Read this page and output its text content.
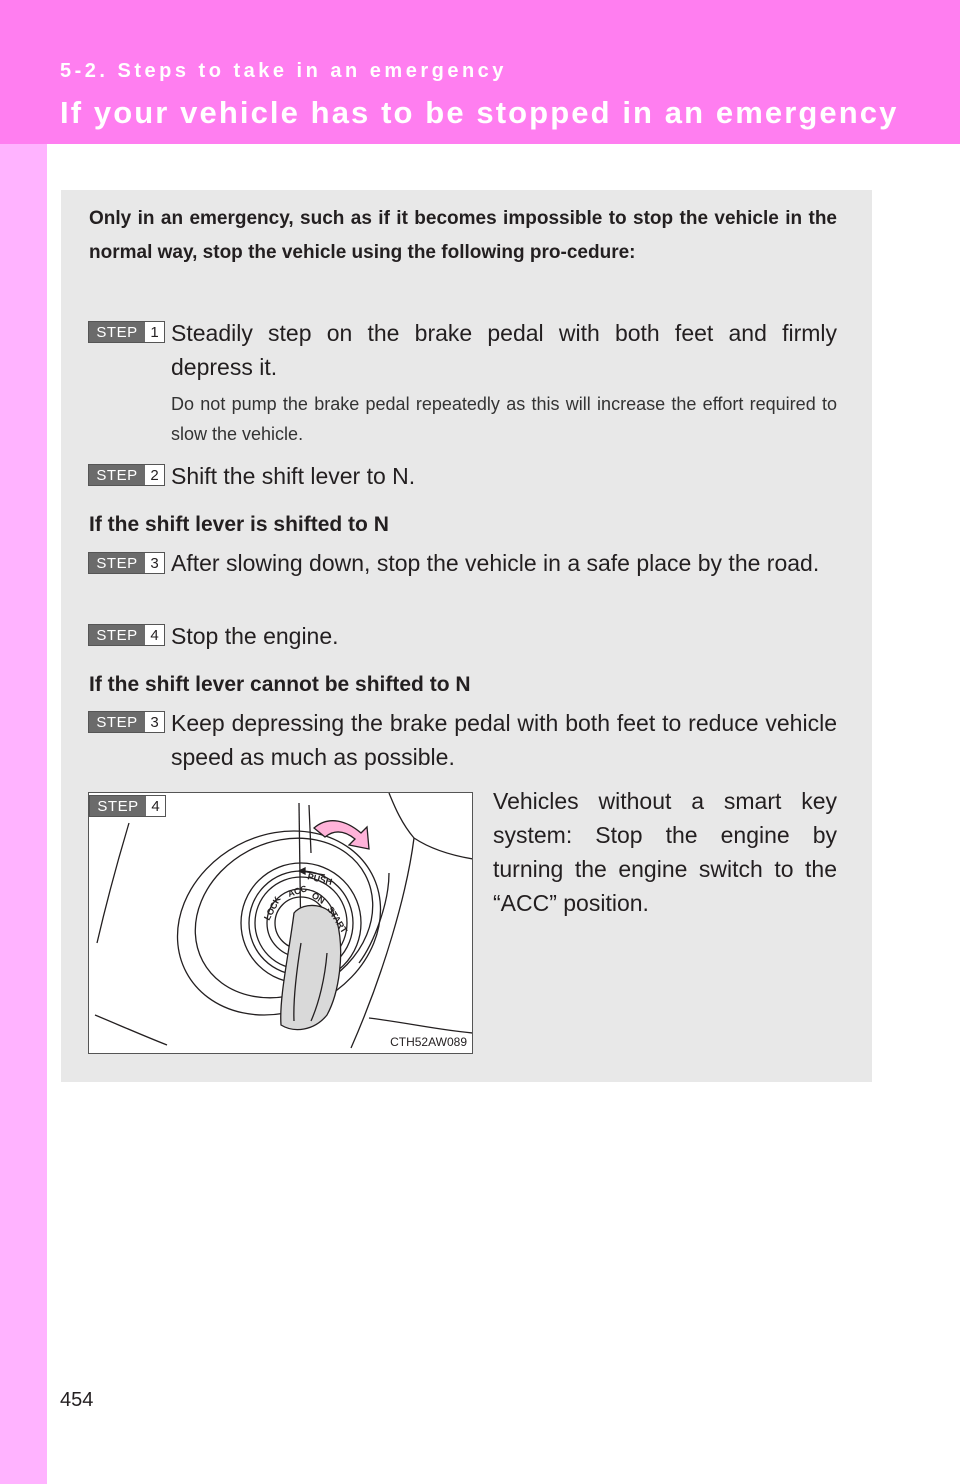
5-2. Steps to take in an emergency
If your vehicle has to be stopped in an emergency
Only in an emergency, such as if it becomes impossible to stop the vehicle in the normal way, stop the vehicle using the following pro-cedure:
STEP 1 Steadily step on the brake pedal with both feet and firmly depress it.
Do not pump the brake pedal repeatedly as this will increase the effort required to slow the vehicle.
STEP 2 Shift the shift lever to N.
If the shift lever is shifted to N
STEP 3 After slowing down, stop the vehicle in a safe place by the road.
STEP 4 Stop the engine.
If the shift lever cannot be shifted to N
STEP 3 Keep depressing the brake pedal with both feet to reduce vehicle speed as much as possible.
PUSH
LOCK
ACC ON
START
STEP 4
CTH52AW089
Vehicles without a smart key system: Stop the engine by turning the engine switch to the “ACC” position.
454
